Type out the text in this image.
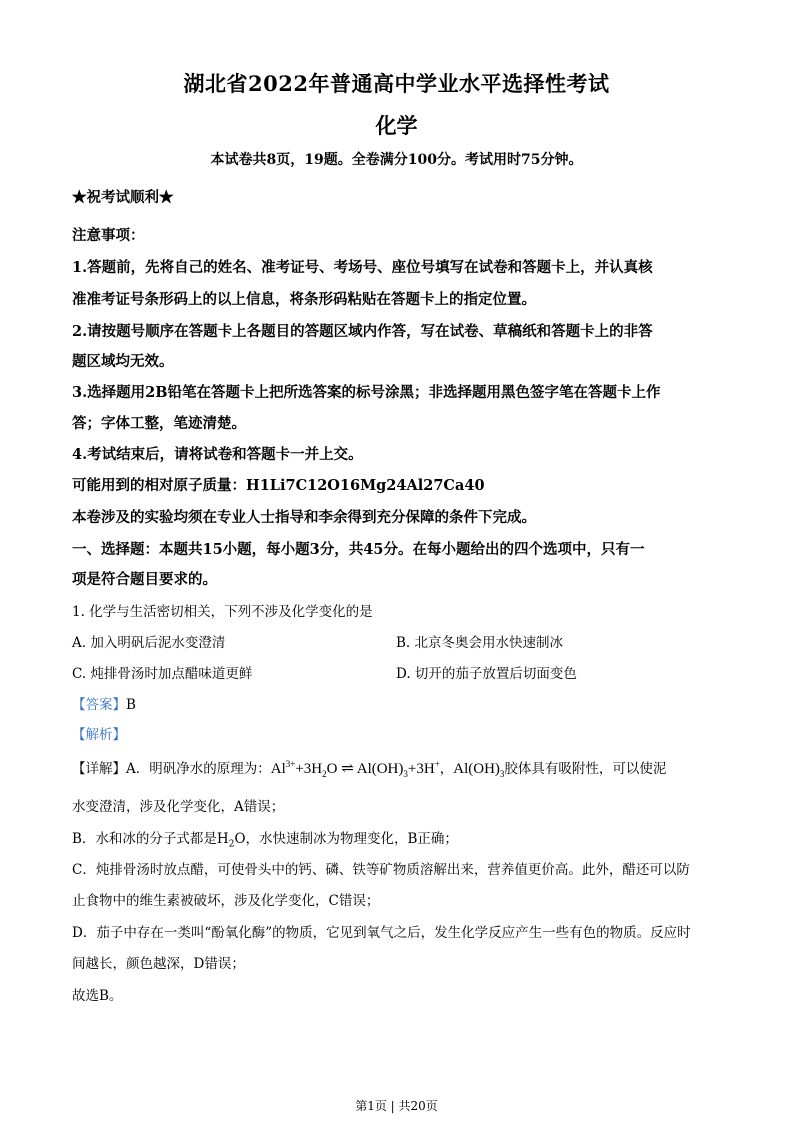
湖北省2022年普通高中学业水平选择性考试
化学
本试卷共8页，19题。全卷满分100分。考试用时75分钟。
★祝考试顺利★
注意事项：
1.答题前，先将自己的姓名、准考证号、考场号、座位号填写在试卷和答题卡上，并认真核
准准考证号条形码上的以上信息，将条形码粘贴在答题卡上的指定位置。
2.请按题号顺序在答题卡上各题目的答题区域内作答，写在试卷、草稿纸和答题卡上的非答
题区域均无效。
3.选择题用2B铅笔在答题卡上把所选答案的标号涂黑；非选择题用黑色签字笔在答题卡上作
答；字体工整，笔迹清楚。
4.考试结束后，请将试卷和答题卡一并上交。
可能用到的相对原子质量：H1Li7C12O16Mg24Al27Ca40
本卷涉及的实验均须在专业人士指导和李余得到充分保障的条件下完成。
一、选择题：本题共15小题，每小题3分，共45分。在每小题给出的四个选项中，只有一
项是符合题目要求的。
1. 化学与生活密切相关，下列不涉及化学变化的是
A. 加入明矾后泥水变澄清	B. 北京冬奥会用水快速制冰
C. 炖排骨汤时加点醋味道更鲜	D. 切开的茄子放置后切面变色
【答案】B
【解析】
【详解】A．明矾净水的原理为：$Al^{3+}+3H_2O$ ⇌ $Al(OH)_3+3H^+$，$Al(OH)_3$胶体具有吸附性，可以使泥
水变澄清，涉及化学变化，A错误；
B．水和冰的分子式都是$H_2O$，水快速制冰为物理变化，B正确；
C．炖排骨汤时放点醋，可使骨头中的钙、磷、铁等矿物质溶解出来，营养值更价高。此外，醋还可以防
止食物中的维生素被破坏，涉及化学变化，C错误；
D．茄子中存在一类叫“酚氧化酶”的物质，它见到氧气之后，发生化学反应产生一些有色的物质。反应时
间越长，颜色越深，D错误；
故选B。
第1页 | 共20页
